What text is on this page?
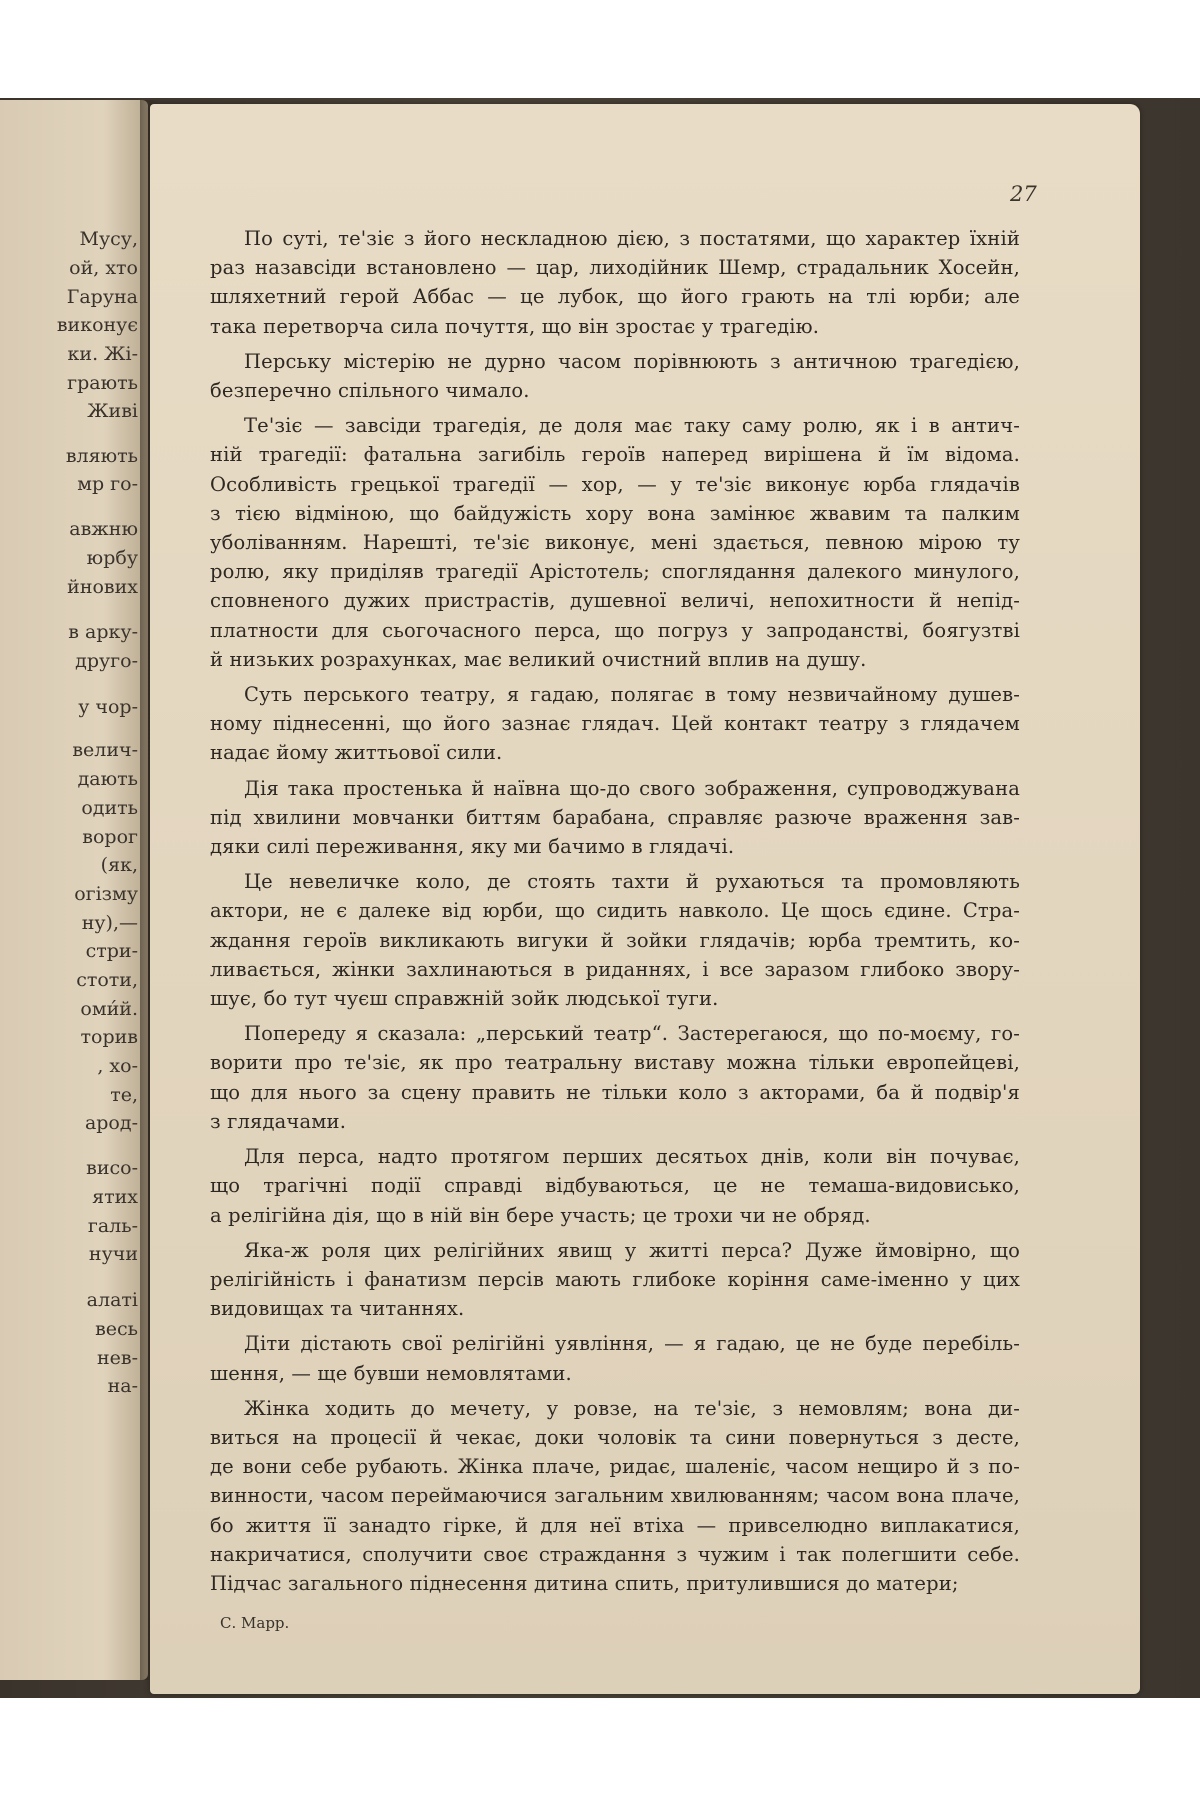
Мусу,
ой, хто
Гаруна
виконує
ки. Жі-
грають
Живі
вляють
мр го-
авжню
юрбу
йнових
в арку-
другo-
у чор-
велич-
дають
одить
ворог
(як,
огізму
ну),—
стри-
стоти,
оми́й.
торив
, хо-
те,
арод-
висо-
ятих
галь-
нучи
алаті
весь
нев-
на-
27
По суті, те'зіє з його нескладною дією, з постатями, що характер їхній
раз назавсіди встановлено — цар, лиходійник Шемр, страдальник Хосейн,
шляхетний герой Аббас — це лубок, що його грають на тлі юрби; але
така перетворча сила почуття, що він зростає у трагедію.
Перську містерію не дурно часом порівнюють з античною трагедією,
безперечно спільного чимало.
Те'зіє — завсіди трагедія, де доля має таку саму ролю, як і в антич-
ній трагедії: фатальна загибіль героїв наперед вирішена й їм відома.
Особливість грецької трагедії — хор, — у те'зіє виконує юрба глядачів
з тією відміною, що байдужість хору вона замінює жвавим та палким
уболіванням. Нарешті, те'зіє виконує, мені здається, певною мірою ту
ролю, яку приділяв трагедії Арістотель; споглядання далекого минулого,
сповненого дужих пристрастів, душевної величі, непохитности й непід-
платности для сьогочасного перса, що погруз у запроданстві, боягузтві
й низьких розрахунках, має великий очистний вплив на душу.
Суть перського театру, я гадаю, полягає в тому незвичайному душев-
ному піднесенні, що його зазнає глядач. Цей контакт театру з глядачем
надає йому життьової сили.
Дія така простенька й наївна що-до свого зображення, супроводжувана
під хвилини мовчанки биттям барабана, справляє разюче враження зав-
дяки силі переживання, яку ми бачимо в глядачі.
Це невеличке коло, де стоять тахти й рухаються та промовляють
актори, не є далеке від юрби, що сидить навколо. Це щось єдине. Стра-
ждання героїв викликають вигуки й зойки глядачів; юрба тремтить, ко-
ливається, жінки захлинаються в риданнях, і все заразом глибоко звору-
шує, бо тут чуєш справжній зойк людської туги.
Попереду я сказала: „перський театр“. Застерегаюся, що по-моєму, го-
ворити про те'зіє, як про театральну виставу можна тільки европейцеві,
що для нього за сцену править не тільки коло з акторами, ба й подвір'я
з глядачами.
Для перса, надто протягом перших десятьох днів, коли він почуває,
що трагічні події справді відбуваються, це не темаша-видовисько,
а релігійна дія, що в ній він бере участь; це трохи чи не обряд.
Яка-ж роля цих релігійних явищ у житті перса? Дуже ймовірно, що
релігійність і фанатизм персів мають глибоке коріння саме-іменно у цих
видовищах та читаннях.
Діти дістають свої релігійні уявління, — я гадаю, це не буде перебіль-
шення, — ще бувши немовлятами.
Жінка ходить до мечету, у ровзе, на те'зіє, з немовлям; вона ди-
виться на процесії й чекає, доки чоловік та сини повернуться з десте,
де вони себе рубають. Жінка плаче, ридає, шаленіє, часом нещиро й з по-
винности, часом переймаючися загальним хвилюванням; часом вона плаче,
бо життя її занадто гірке, й для неї втіха — привселюдно виплакатися,
накричатися, сполучити своє страждання з чужим і так полегшити себе.
Підчас загального піднесення дитина спить, притулившися до матери;
С. Марр.
